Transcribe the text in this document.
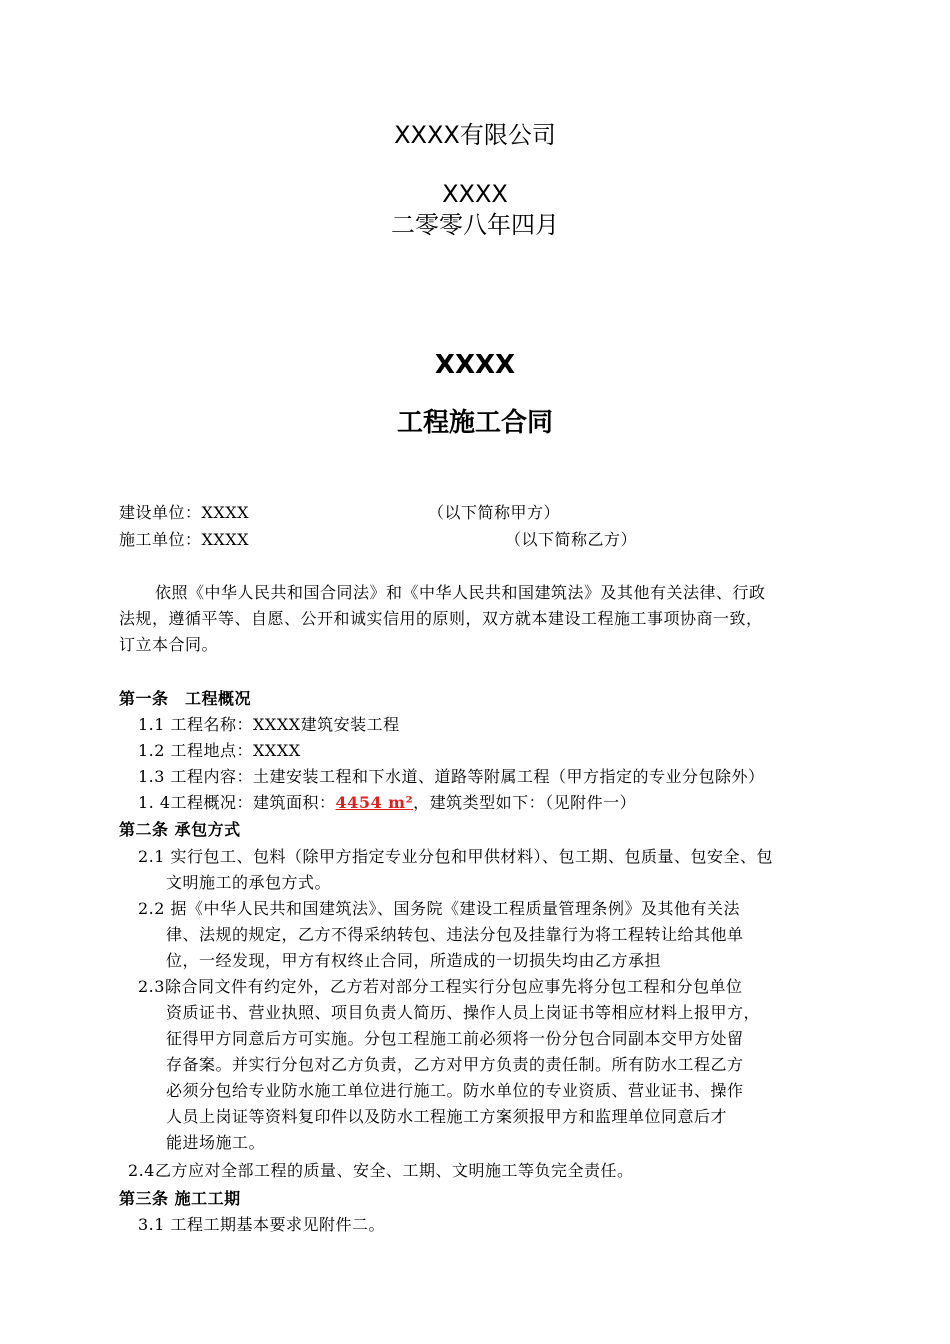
XXXX有限公司
XXXX
二零零八年四月
XXXX
工程施工合同
建设单位：XXXX	（以下简称甲方）
施工单位：XXXX	（以下简称乙方）
依照《中华人民共和国合同法》和《中华人民共和国建筑法》及其他有关法律、行政
法规，遵循平等、自愿、公开和诚实信用的原则，双方就本建设工程施工事项协商一致，
订立本合同。
第一条　工程概况
1.1 工程名称：XXXX建筑安装工程
1.2 工程地点：XXXX
1.3 工程内容：土建安装工程和下水道、道路等附属工程（甲方指定的专业分包除外）
1. 4工程概况：建筑面积：4454 m²，建筑类型如下：（见附件一）
第二条 承包方式
2.1 实行包工、包料（除甲方指定专业分包和甲供材料）、包工期、包质量、包安全、包
文明施工的承包方式。
2.2 据《中华人民共和国建筑法》、国务院《建设工程质量管理条例》及其他有关法
律、法规的规定，乙方不得采纳转包、违法分包及挂靠行为将工程转让给其他单
位，一经发现，甲方有权终止合同，所造成的一切损失均由乙方承担
2.3除合同文件有约定外，乙方若对部分工程实行分包应事先将分包工程和分包单位
资质证书、营业执照、项目负责人简历、操作人员上岗证书等相应材料上报甲方，
征得甲方同意后方可实施。分包工程施工前必须将一份分包合同副本交甲方处留
存备案。并实行分包对乙方负责，乙方对甲方负责的责任制。所有防水工程乙方
必须分包给专业防水施工单位进行施工。防水单位的专业资质、营业证书、操作
人员上岗证等资料复印件以及防水工程施工方案须报甲方和监理单位同意后才
能进场施工。
2.4乙方应对全部工程的质量、安全、工期、文明施工等负完全责任。
第三条 施工工期
3.1 工程工期基本要求见附件二。
